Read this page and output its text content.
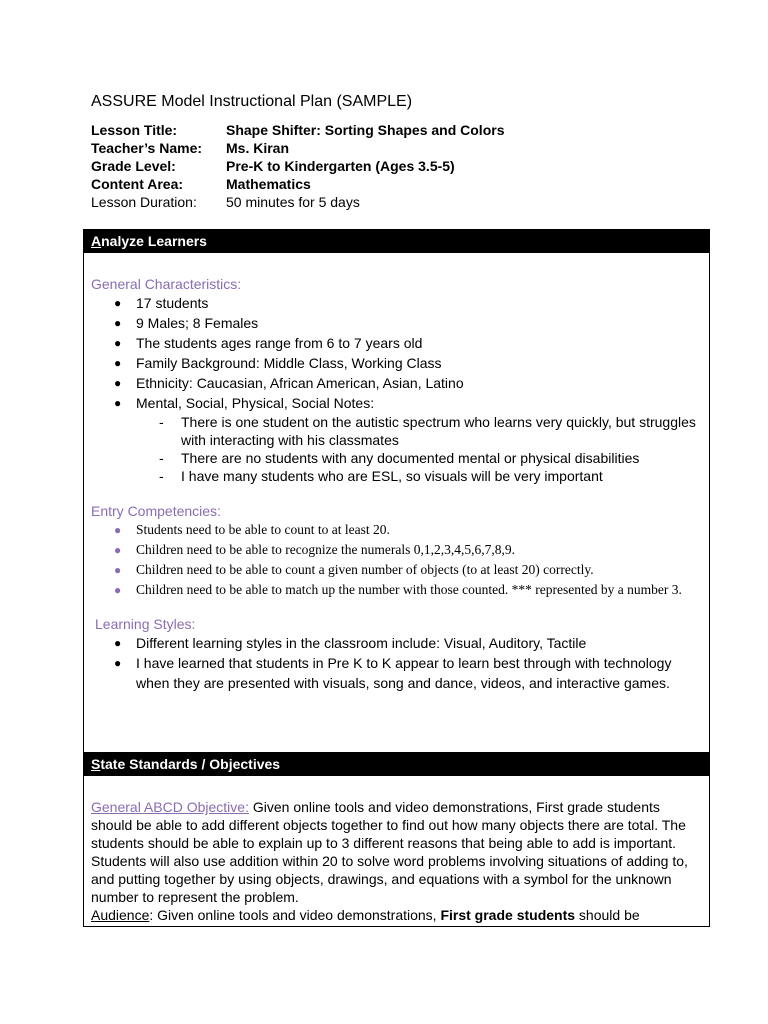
ASSURE Model Instructional Plan (SAMPLE)
Lesson Title:	Shape Shifter: Sorting Shapes and Colors
Teacher’s Name:	Ms. Kiran
Grade Level:	Pre-K to Kindergarten (Ages 3.5-5)
Content Area:	Mathematics
Lesson Duration:	50 minutes for 5 days
Analyze Learners
General Characteristics:
● 17 students
● 9 Males; 8 Females
● The students ages range from 6 to 7 years old
● Family Background: Middle Class, Working Class
● Ethnicity: Caucasian, African American, Asian, Latino
● Mental, Social, Physical, Social Notes:
- There is one student on the autistic spectrum who learns very quickly, but struggles with interacting with his classmates
- There are no students with any documented mental or physical disabilities
- I have many students who are ESL, so visuals will be very important
Entry Competencies:
● Students need to be able to count to at least 20.
● Children need to be able to recognize the numerals 0,1,2,3,4,5,6,7,8,9.
● Children need to be able to count a given number of objects (to at least 20) correctly.
● Children need to be able to match up the number with those counted. *** represented by a number 3.
Learning Styles:
● Different learning styles in the classroom include: Visual, Auditory, Tactile
● I have learned that students in Pre K to K appear to learn best through with technology when they are presented with visuals, song and dance, videos, and interactive games.
State Standards / Objectives
General ABCD Objective: Given online tools and video demonstrations, First grade students should be able to add different objects together to find out how many objects there are total. The students should be able to explain up to 3 different reasons that being able to add is important. Students will also use addition within 20 to solve word problems involving situations of adding to, and putting together by using objects, drawings, and equations with a symbol for the unknown number to represent the problem.
Audience: Given online tools and video demonstrations, First grade students should be
